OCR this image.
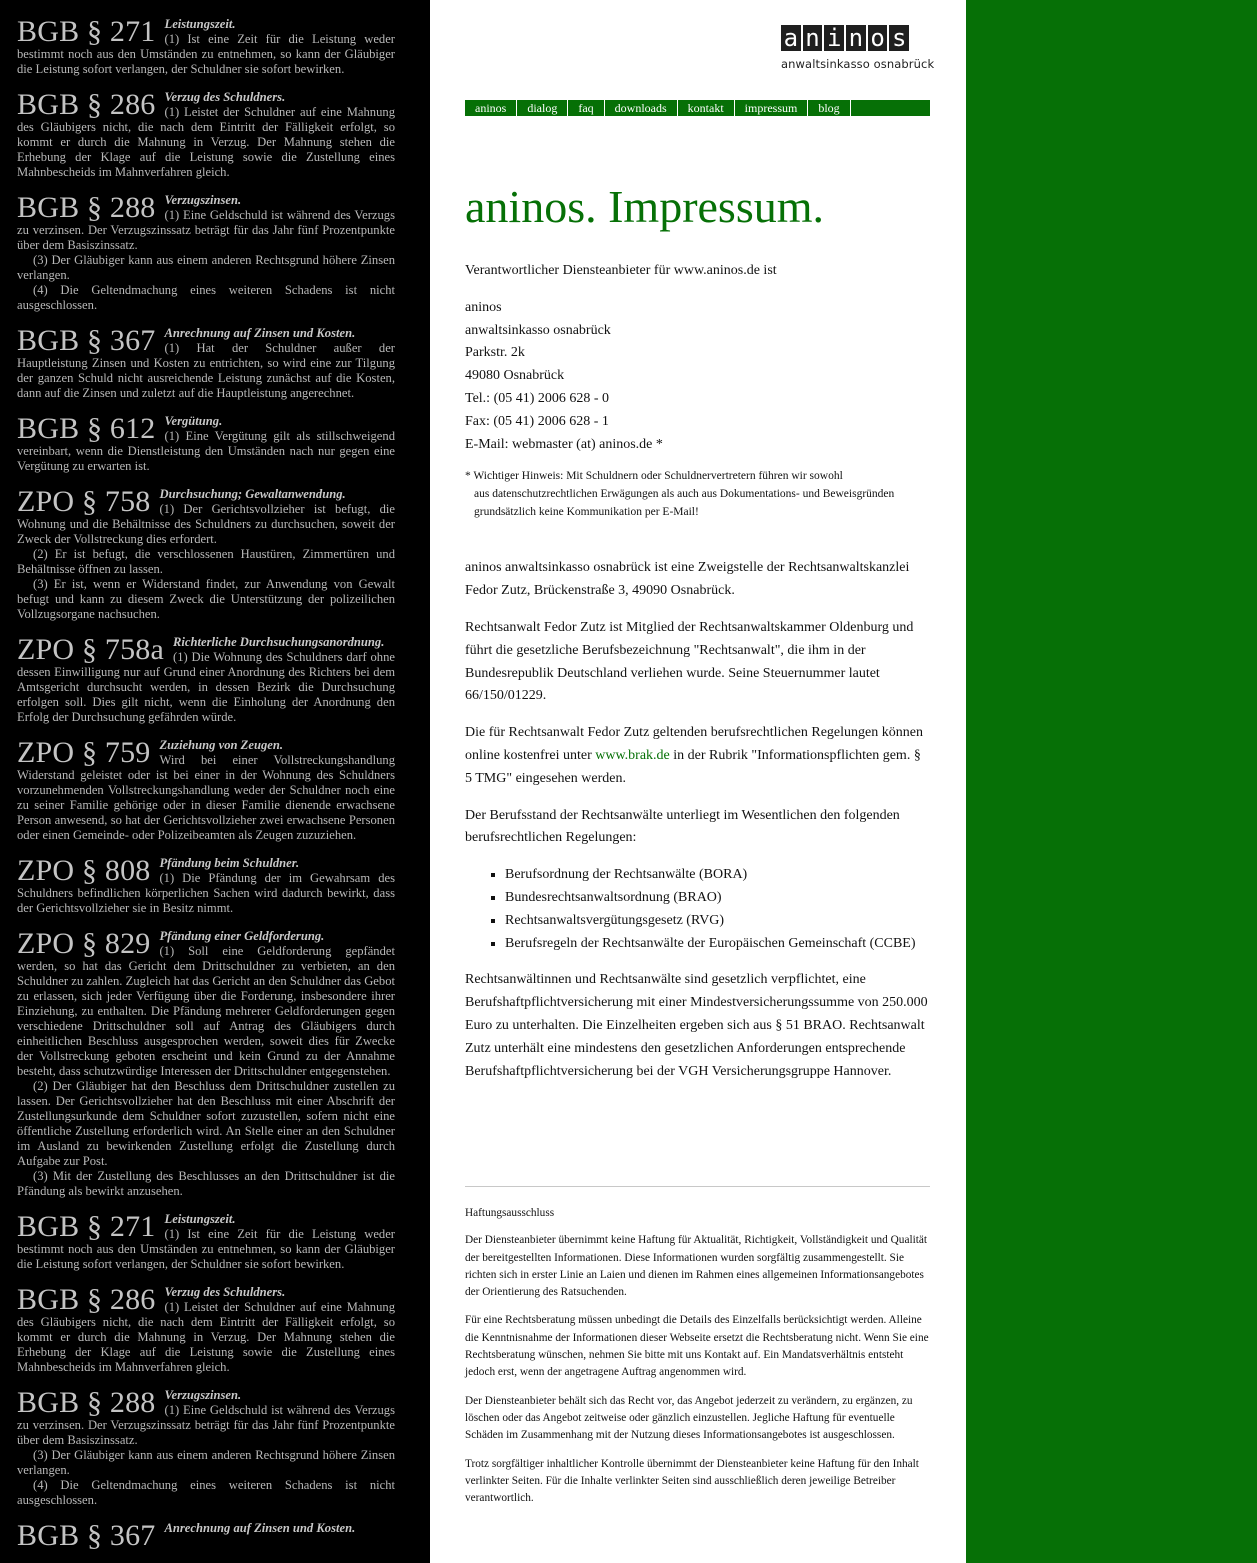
BGB § 271 Leistungszeit.

(1) Ist eine Zeit für die Leistung weder bestimmt noch aus den Umständen zu entnehmen, so kann der Gläubiger die Leistung sofort verlangen, der Schuldner sie sofort bewirken.

BGB § 286 Verzug des Schuldners.

(1) Leistet der Schuldner auf eine Mahnung des Gläubigers nicht, die nach dem Eintritt der Fälligkeit erfolgt, so kommt er durch die Mahnung in Verzug. Der Mahnung stehen die Erhebung der Klage auf die Leistung sowie die Zustellung eines Mahnbescheids im Mahnverfahren gleich.

BGB § 288 Verzugszinsen.

(1) Eine Geldschuld ist während des Verzugs zu verzinsen. Der Verzugszinssatz beträgt für das Jahr fünf Prozentpunkte über dem Basiszinssatz.

(3) Der Gläubiger kann aus einem anderen Rechtsgrund höhere Zinsen verlangen.

(4) Die Geltendmachung eines weiteren Schadens ist nicht ausgeschlossen.

BGB § 367 Anrechnung auf Zinsen und Kosten.

(1) Hat der Schuldner außer der Hauptleistung Zinsen und Kosten zu entrichten, so wird eine zur Tilgung der ganzen Schuld nicht ausreichende Leistung zunächst auf die Kosten, dann auf die Zinsen und zuletzt auf die Hauptleistung angerechnet.

BGB § 612 Vergütung.

(1) Eine Vergütung gilt als stillschweigend vereinbart, wenn die Dienstleistung den Umständen nach nur gegen eine Vergütung zu erwarten ist.

ZPO § 758 Durchsuchung; Gewaltanwendung.

(1) Der Gerichtsvollzieher ist befugt, die Wohnung und die Behältnisse des Schuldners zu durchsuchen, soweit der Zweck der Vollstreckung dies erfordert.

(2) Er ist befugt, die verschlossenen Haustüren, Zimmertüren und Behältnisse öffnen zu lassen.

(3) Er ist, wenn er Widerstand findet, zur Anwendung von Gewalt befugt und kann zu diesem Zweck die Unterstützung der polizeilichen Vollzugsorgane nachsuchen.

ZPO § 758a Richterliche Durchsuchungsanordnung.

(1) Die Wohnung des Schuldners darf ohne dessen Einwilligung nur auf Grund einer Anordnung des Richters bei dem Amtsgericht durchsucht werden, in dessen Bezirk die Durchsuchung erfolgen soll. Dies gilt nicht, wenn die Einholung der Anordnung den Erfolg der Durchsuchung gefährden würde.

ZPO § 759 Zuziehung von Zeugen.

Wird bei einer Vollstreckungshandlung Widerstand geleistet oder ist bei einer in der Wohnung des Schuldners vorzunehmenden Vollstreckungshandlung weder der Schuldner noch eine zu seiner Familie gehörige oder in dieser Familie dienende erwachsene Person anwesend, so hat der Gerichtsvollzieher zwei erwachsene Personen oder einen Gemeinde- oder Polizeibeamten als Zeugen zuzuziehen.

ZPO § 808 Pfändung beim Schuldner.

(1) Die Pfändung der im Gewahrsam des Schuldners befindlichen körperlichen Sachen wird dadurch bewirkt, dass der Gerichtsvollzieher sie in Besitz nimmt.

ZPO § 829 Pfändung einer Geldforderung.

(1) Soll eine Geldforderung gepfändet werden, so hat das Gericht dem Drittschuldner zu verbieten, an den Schuldner zu zahlen. Zugleich hat das Gericht an den Schuldner das Gebot zu erlassen, sich jeder Verfügung über die Forderung, insbesondere ihrer Einziehung, zu enthalten. Die Pfändung mehrerer Geldforderungen gegen verschiedene Drittschuldner soll auf Antrag des Gläubigers durch einheitlichen Beschluss ausgesprochen werden, soweit dies für Zwecke der Vollstreckung geboten erscheint und kein Grund zu der Annahme besteht, dass schutzwürdige Interessen der Drittschuldner entgegenstehen.

(2) Der Gläubiger hat den Beschluss dem Drittschuldner zustellen zu lassen. Der Gerichtsvollzieher hat den Beschluss mit einer Abschrift der Zustellungsurkunde dem Schuldner sofort zuzustellen, sofern nicht eine öffentliche Zustellung erforderlich wird. An Stelle einer an den Schuldner im Ausland zu bewirkenden Zustellung erfolgt die Zustellung durch Aufgabe zur Post.

(3) Mit der Zustellung des Beschlusses an den Drittschuldner ist die Pfändung als bewirkt anzusehen.

BGB § 271 Leistungszeit.

(1) Ist eine Zeit für die Leistung weder bestimmt noch aus den Umständen zu entnehmen, so kann der Gläubiger die Leistung sofort verlangen, der Schuldner sie sofort bewirken.

BGB § 286 Verzug des Schuldners.

(1) Leistet der Schuldner auf eine Mahnung des Gläubigers nicht, die nach dem Eintritt der Fälligkeit erfolgt, so kommt er durch die Mahnung in Verzug. Der Mahnung stehen die Erhebung der Klage auf die Leistung sowie die Zustellung eines Mahnbescheids im Mahnverfahren gleich.

BGB § 288 Verzugszinsen.

(1) Eine Geldschuld ist während des Verzugs zu verzinsen. Der Verzugszinssatz beträgt für das Jahr fünf Prozentpunkte über dem Basiszinssatz.

(3) Der Gläubiger kann aus einem anderen Rechtsgrund höhere Zinsen verlangen.

(4) Die Geltendmachung eines weiteren Schadens ist nicht ausgeschlossen.

BGB § 367 Anrechnung auf Zinsen und Kosten.

a n i n o s
anwaltsinkasso osnabrück
aninos	dialog	faq	downloads	kontakt	impressum	blog
aninos. Impressum.

Verantwortlicher Diensteanbieter für www.aninos.de ist

aninos

anwaltsinkasso osnabrück

Parkstr. 2k

49080 Osnabrück

Tel.: (05 41) 2006 628 - 0

Fax: (05 41) 2006 628 - 1

E-Mail: webmaster (at) aninos.de *

* Wichtiger Hinweis: Mit Schuldnern oder Schuldnervertretern führen wir sowohl
aus datenschutzrechtlichen Erwägungen als auch aus Dokumentations- und Beweisgründen
grundsätzlich keine Kommunikation per E-Mail!

aninos anwaltsinkasso osnabrück ist eine Zweigstelle der Rechtsanwaltskanzlei Fedor Zutz, Brückenstraße 3, 49090 Osnabrück.

Rechtsanwalt Fedor Zutz ist Mitglied der Rechtsanwaltskammer Oldenburg und führt die gesetzliche Berufsbezeichnung "Rechtsanwalt", die ihm in der Bundesrepublik Deutschland verliehen wurde. Seine Steuernummer lautet 66/150/01229.

Die für Rechtsanwalt Fedor Zutz geltenden berufsrechtlichen Regelungen können online kostenfrei unter www.brak.de in der Rubrik "Informationspflichten gem. § 5 TMG" eingesehen werden.

Der Berufsstand der Rechtsanwälte unterliegt im Wesentlichen den folgenden berufsrechtlichen Regelungen:

▪ Berufsordnung der Rechtsanwälte (BORA)
▪ Bundesrechtsanwaltsordnung (BRAO)
▪ Rechtsanwaltsvergütungsgesetz (RVG)
▪ Berufsregeln der Rechtsanwälte der Europäischen Gemeinschaft (CCBE)

Rechtsanwältinnen und Rechtsanwälte sind gesetzlich verpflichtet, eine Berufshaftpflichtversicherung mit einer Mindestversicherungssumme von 250.000 Euro zu unterhalten. Die Einzelheiten ergeben sich aus § 51 BRAO. Rechtsanwalt Zutz unterhält eine mindestens den gesetzlichen Anforderungen entsprechende Berufshaftpflichtversicherung bei der VGH Versicherungsgruppe Hannover.

Haftungsausschluss

Der Diensteanbieter übernimmt keine Haftung für Aktualität, Richtigkeit, Vollständigkeit und Qualität der bereitgestellten Informationen. Diese Informationen wurden sorgfältig zusammengestellt. Sie richten sich in erster Linie an Laien und dienen im Rahmen eines allgemeinen Informationsangebotes der Orientierung des Ratsuchenden.

Für eine Rechtsberatung müssen unbedingt die Details des Einzelfalls berücksichtigt werden. Alleine die Kenntnisnahme der Informationen dieser Webseite ersetzt die Rechtsberatung nicht. Wenn Sie eine Rechtsberatung wünschen, nehmen Sie bitte mit uns Kontakt auf. Ein Mandatsverhältnis entsteht jedoch erst, wenn der angetragene Auftrag angenommen wird.

Der Diensteanbieter behält sich das Recht vor, das Angebot jederzeit zu verändern, zu ergänzen, zu löschen oder das Angebot zeitweise oder gänzlich einzustellen. Jegliche Haftung für eventuelle Schäden im Zusammenhang mit der Nutzung dieses Informationsangebotes ist ausgeschlossen.

Trotz sorgfältiger inhaltlicher Kontrolle übernimmt der Diensteanbieter keine Haftung für den Inhalt verlinkter Seiten. Für die Inhalte verlinkter Seiten sind ausschließlich deren jeweilige Betreiber verantwortlich.
